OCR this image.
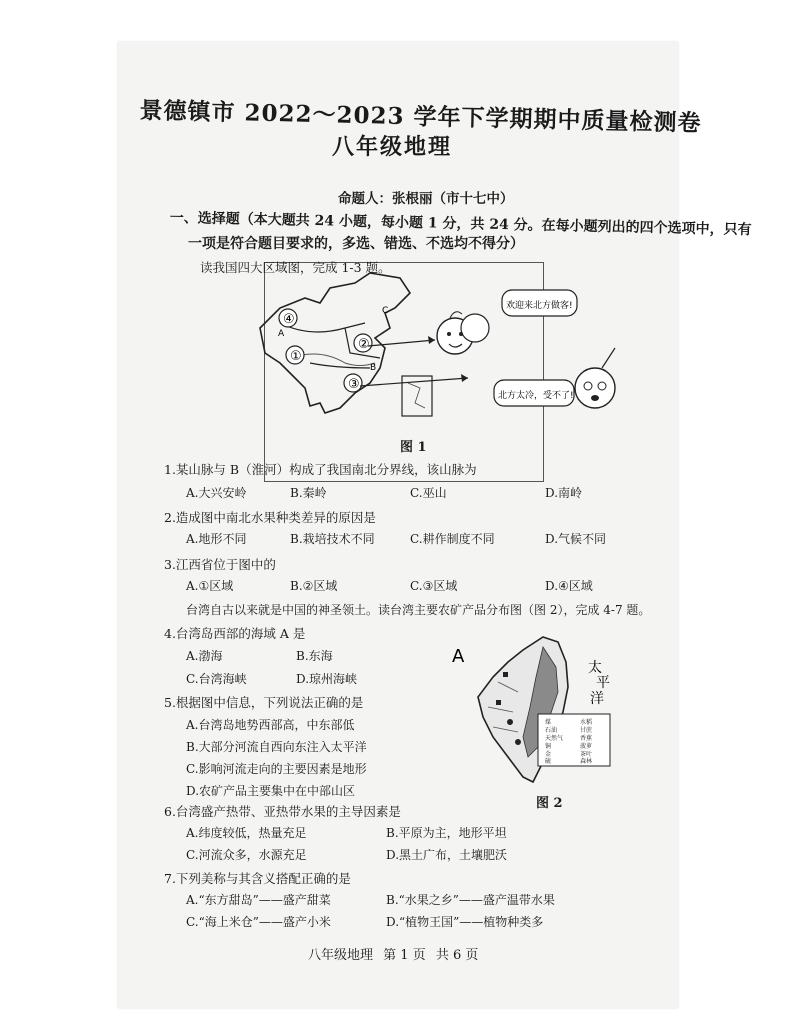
景德镇市 2022～2023 学年下学期期中质量检测卷
八年级地理
命题人：张根丽（市十七中）
一、选择题（本大题共 24 小题，每小题 1 分，共 24 分。在每小题列出的四个选项中，只有
一项是符合题目要求的，多选、错选、不选均不得分）
读我国四大区域图，完成 1-3 题。
④
①
②
③
A
B
C	欢迎来北方做客!
北方太冷，受不了!
图 1
1.某山脉与 B（淮河）构成了我国南北分界线，该山脉为
A.大兴安岭	B.秦岭	C.巫山	D.南岭
2.造成图中南北水果种类差异的原因是
A.地形不同	B.栽培技术不同	C.耕作制度不同	D.气候不同
3.江西省位于图中的
A.①区域	B.②区域	C.③区域	D.④区域
台湾自古以来就是中国的神圣领土。读台湾主要农矿产品分布图（图 2），完成 4-7 题。
4.台湾岛西部的海域 A 是
A.渤海	B.东海
C.台湾海峡	D.琼州海峡
5.根据图中信息，下列说法正确的是
A.台湾岛地势西部高，中东部低
B.大部分河流自西向东注入太平洋
C.影响河流走向的主要因素是地形
D.农矿产品主要集中在中部山区
A
太
平
洋
煤	水稻
石油	甘蔗
天然气	香蕉
铜	菠萝
金	茶叶
硫	森林
图 2
6.台湾盛产热带、亚热带水果的主导因素是
A.纬度较低，热量充足	B.平原为主，地形平坦
C.河流众多，水源充足	D.黑土广布，土壤肥沃
7.下列美称与其含义搭配正确的是
A.“东方甜岛”——盛产甜菜	B.“水果之乡”——盛产温带水果
C.“海上米仓”——盛产小米	D.“植物王国”——植物种类多
八年级地理 第 1 页 共 6 页
